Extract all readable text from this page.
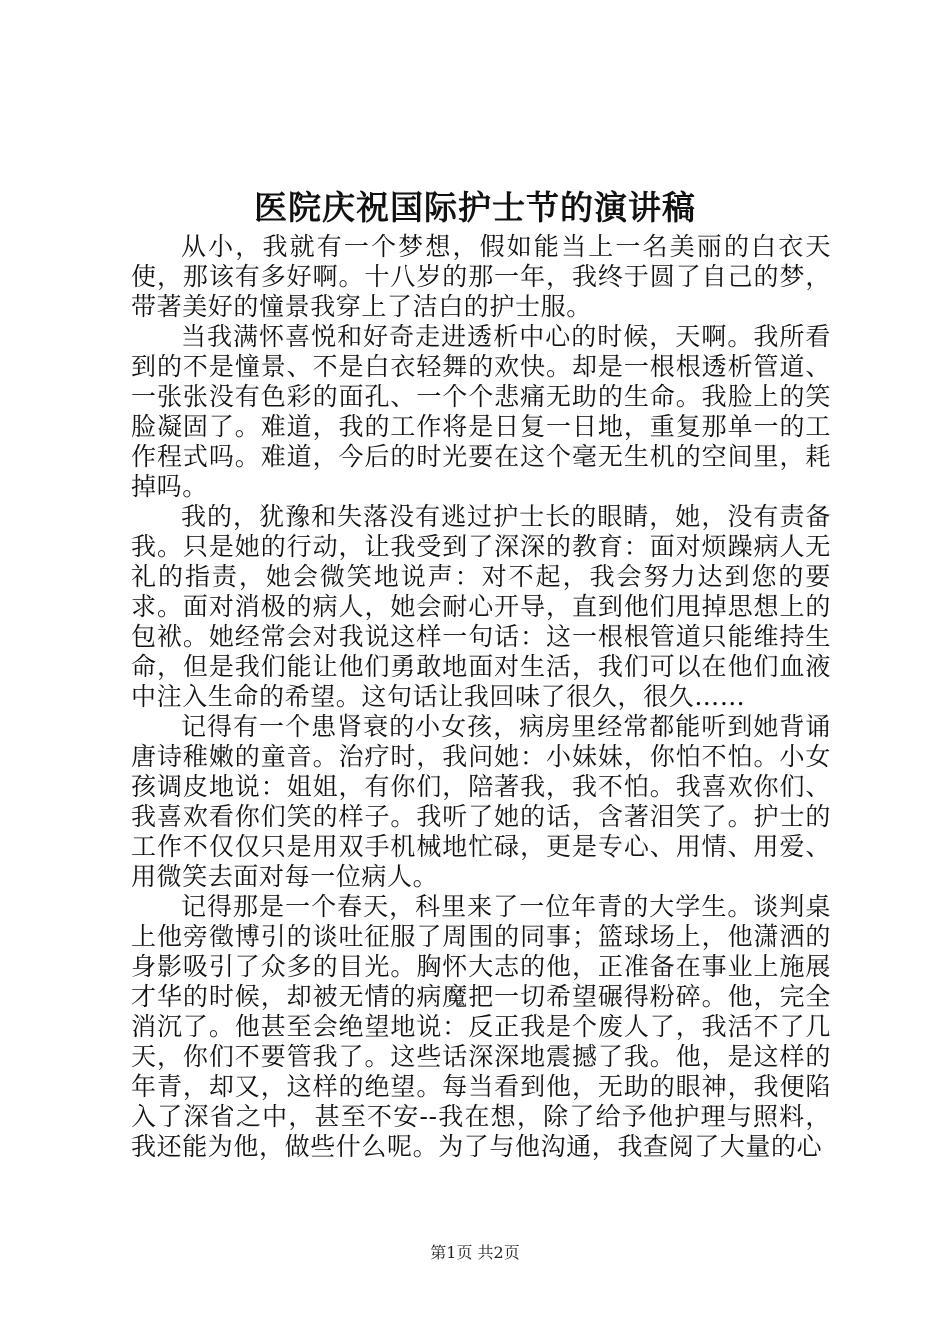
医院庆祝国际护士节的演讲稿

从小，我就有一个梦想，假如能当上一名美丽的白衣天使，那该有多好啊。十八岁的那一年，我终于圆了自己的梦，带著美好的憧景我穿上了洁白的护士服。

当我满怀喜悦和好奇走进透析中心的时候，天啊。我所看到的不是憧景、不是白衣轻舞的欢快。却是一根根透析管道、一张张没有色彩的面孔、一个个悲痛无助的生命。我脸上的笑脸凝固了。难道，我的工作将是日复一日地，重复那单一的工作程式吗。难道，今后的时光要在这个毫无生机的空间里，耗掉吗。

我的，犹豫和失落没有逃过护士长的眼睛，她，没有责备我。只是她的行动，让我受到了深深的教育：面对烦躁病人无礼的指责，她会微笑地说声：对不起，我会努力达到您的要求。面对消极的病人，她会耐心开导，直到他们甩掉思想上的包袱。她经常会对我说这样一句话：这一根根管道只能维持生命，但是我们能让他们勇敢地面对生活，我们可以在他们血液中注入生命的希望。这句话让我回味了很久，很久……

记得有一个患肾衰的小女孩，病房里经常都能听到她背诵唐诗稚嫩的童音。治疗时，我问她：小妹妹，你怕不怕。小女孩调皮地说：姐姐，有你们，陪著我，我不怕。我喜欢你们、我喜欢看你们笑的样子。我听了她的话，含著泪笑了。护士的工作不仅仅只是用双手机械地忙碌，更是专心、用情、用爱、用微笑去面对每一位病人。

记得那是一个春天，科里来了一位年青的大学生。谈判桌上他旁徵博引的谈吐征服了周围的同事；篮球场上，他潇洒的身影吸引了众多的目光。胸怀大志的他，正准备在事业上施展才华的时候，却被无情的病魔把一切希望碾得粉碎。他，完全消沉了。他甚至会绝望地说：反正我是个废人了，我活不了几天，你们不要管我了。这些话深深地震撼了我。他，是这样的年青，却又，这样的绝望。每当看到他，无助的眼神，我便陷入了深省之中，甚至不安--我在想，除了给予他护理与照料，我还能为他，做些什么呢。为了与他沟通，我查阅了大量的心

第1页 共2页
